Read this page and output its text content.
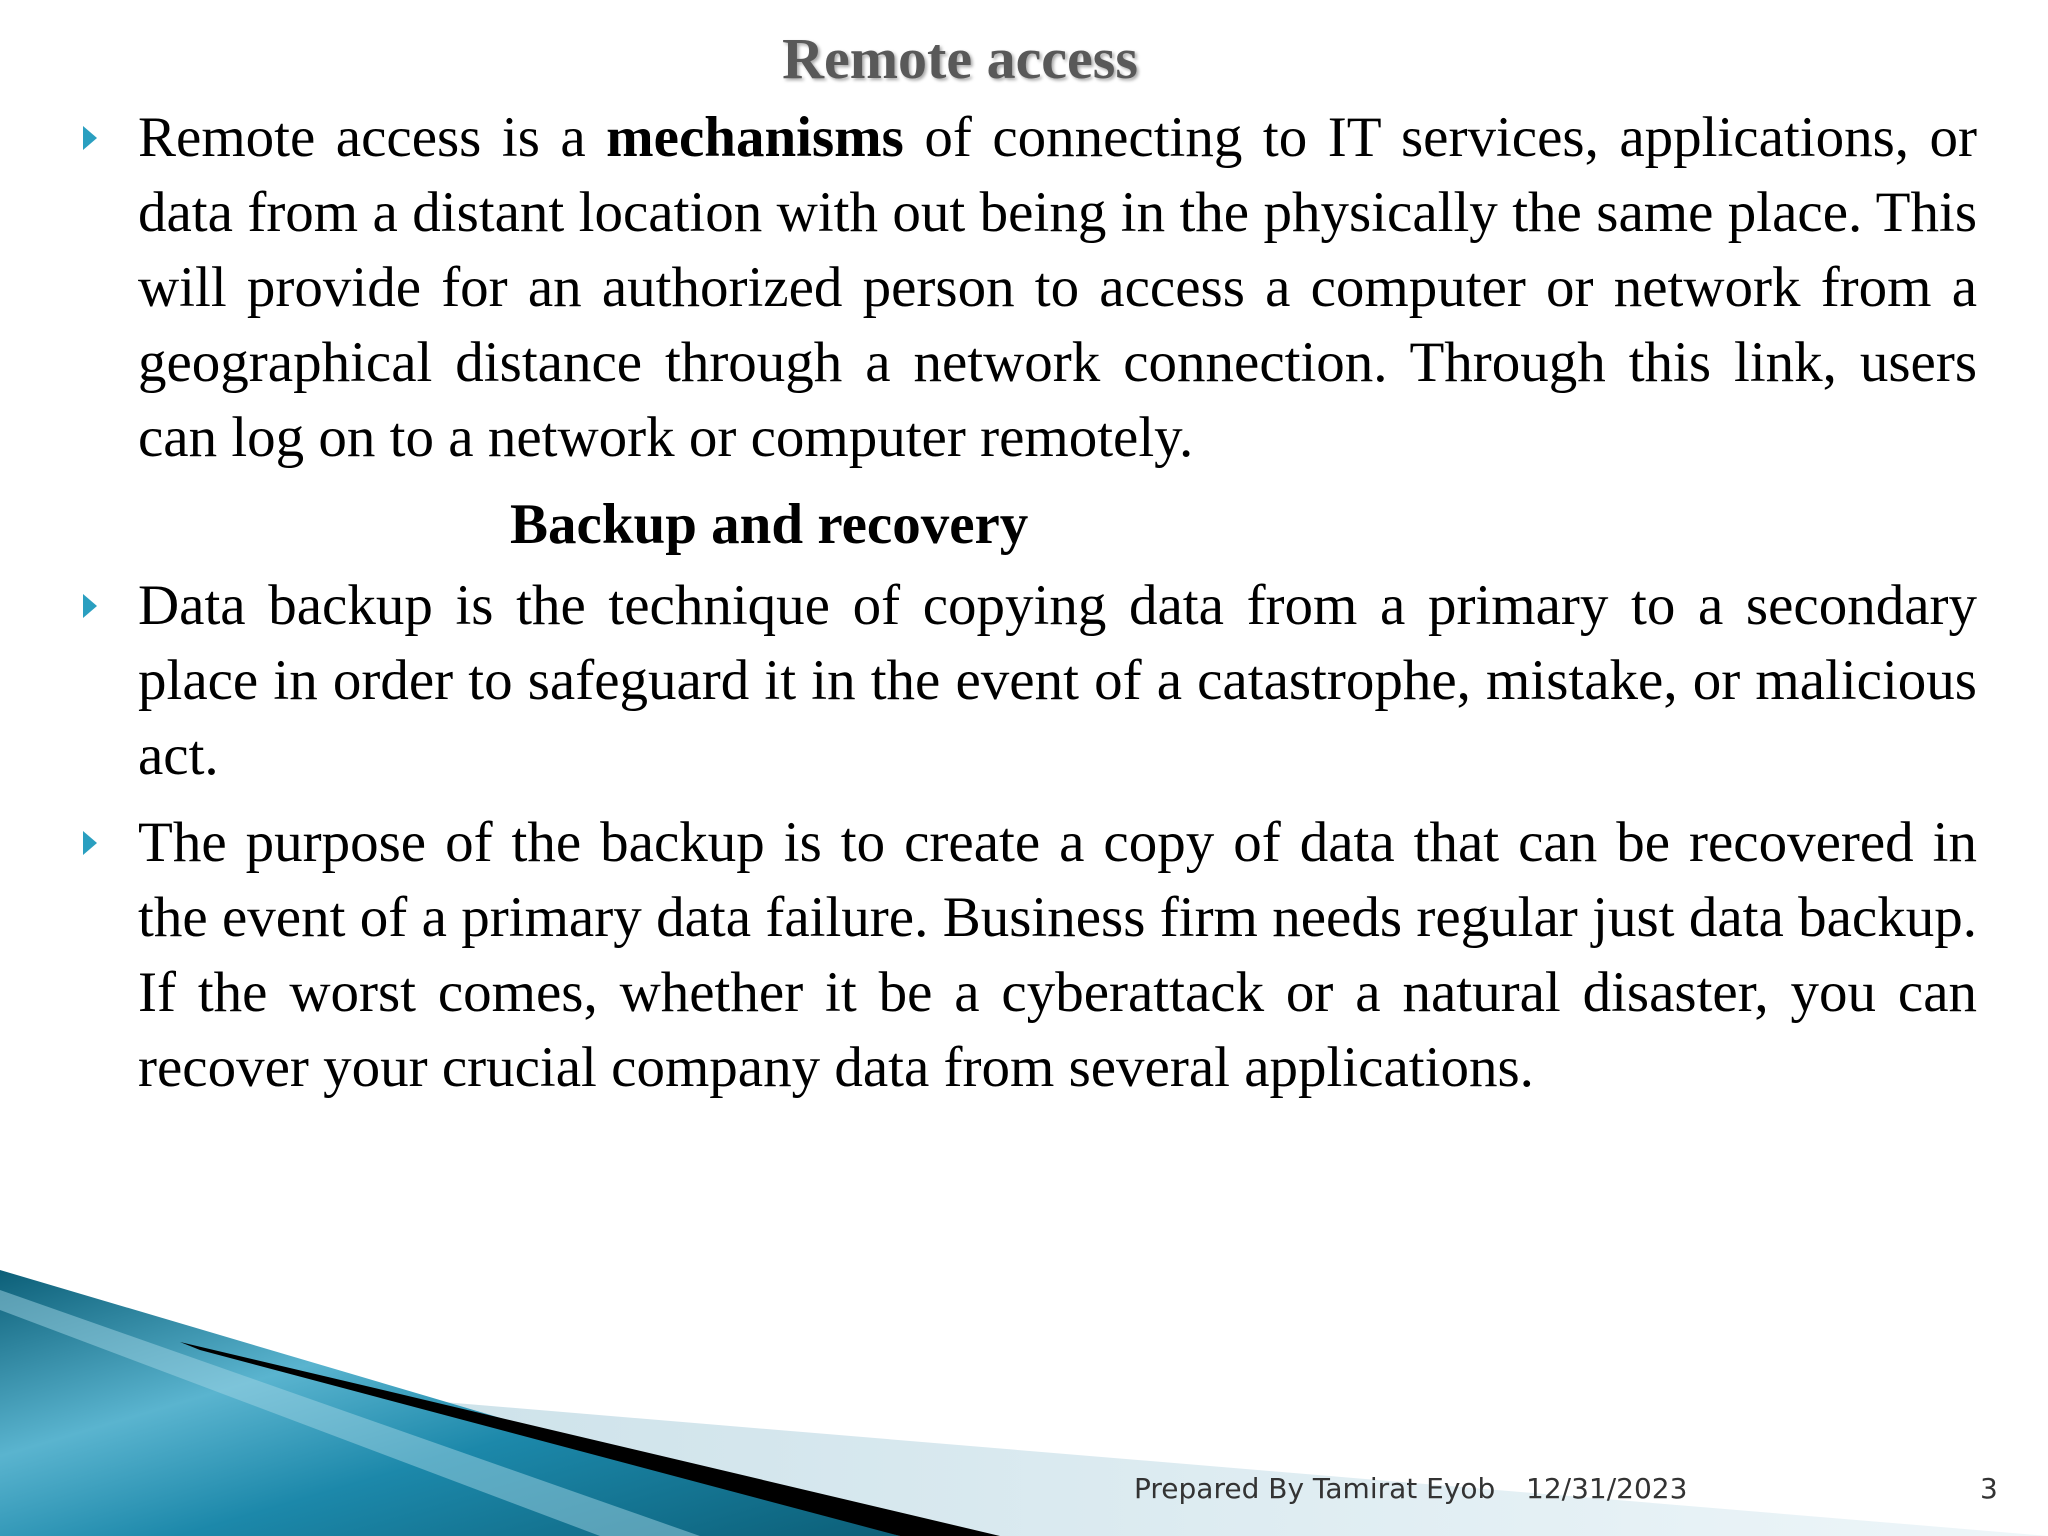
Remote access
Remote access is a mechanisms of connecting to IT services, applications, or data from a distant location with out being in the physically the same place. This will provide for an authorized person to access a computer or network from a geographical distance through a network connection. Through this link, users can log on to a network or computer remotely.
Backup and recovery
Data backup is the technique of copying data from a primary to a secondary place in order to safeguard it in the event of a catastrophe, mistake, or malicious act.
The purpose of the backup is to create a copy of data that can be recovered in the event of a primary data failure. Business firm needs regular just data backup. If the worst comes, whether it be a cyberattack or a natural disaster, you can recover your crucial company data from several applications.
Prepared By Tamirat Eyob 12/31/2023	3
